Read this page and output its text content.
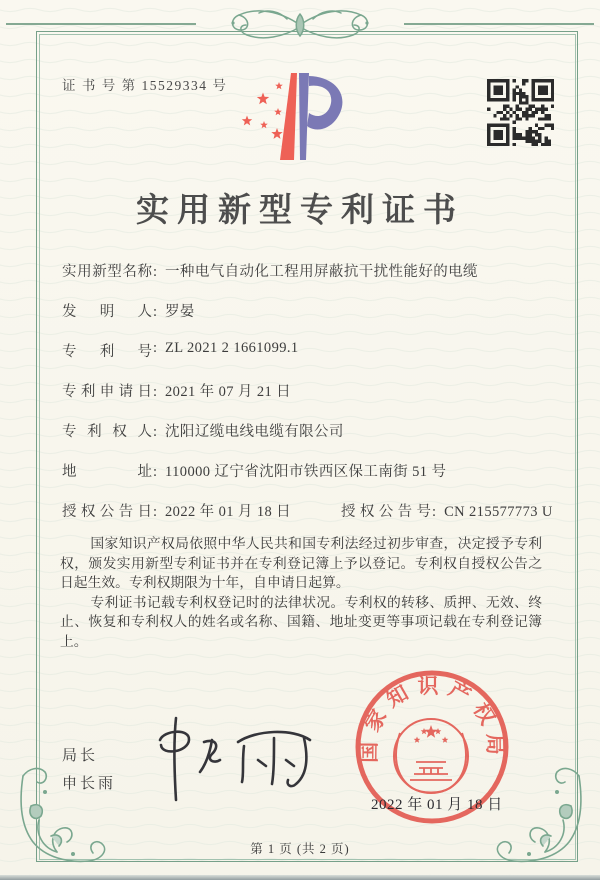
证 书 号 第 15529334 号
实用新型专利证书
实用新型名称: 一种电气自动化工程用屏蔽抗干扰性能好的电缆
发明人: 罗晏
专利号: ZL 2021 2 1661099.1
专利申请日: 2021 年 07 月 21 日
专利权人: 沈阳辽缆电线电缆有限公司
地址: 110000 辽宁省沈阳市铁西区保工南街 51 号
授权公告日: 2022 年 01 月 18 日	授权公告号: CN 215577773 U

国家知识产权局依照中华人民共和国专利法经过初步审查，决定授予专利权，颁发实用新型专利证书并在专利登记簿上予以登记。专利权自授权公告之日起生效。专利权期限为十年，自申请日起算。

专利证书记载专利权登记时的法律状况。专利权的转移、质押、无效、终止、恢复和专利权人的姓名或名称、国籍、地址变更等事项记载在专利登记簿上。

局长
申长雨
国家知识产权局
2022 年 01 月 18 日
第 1 页 (共 2 页)
